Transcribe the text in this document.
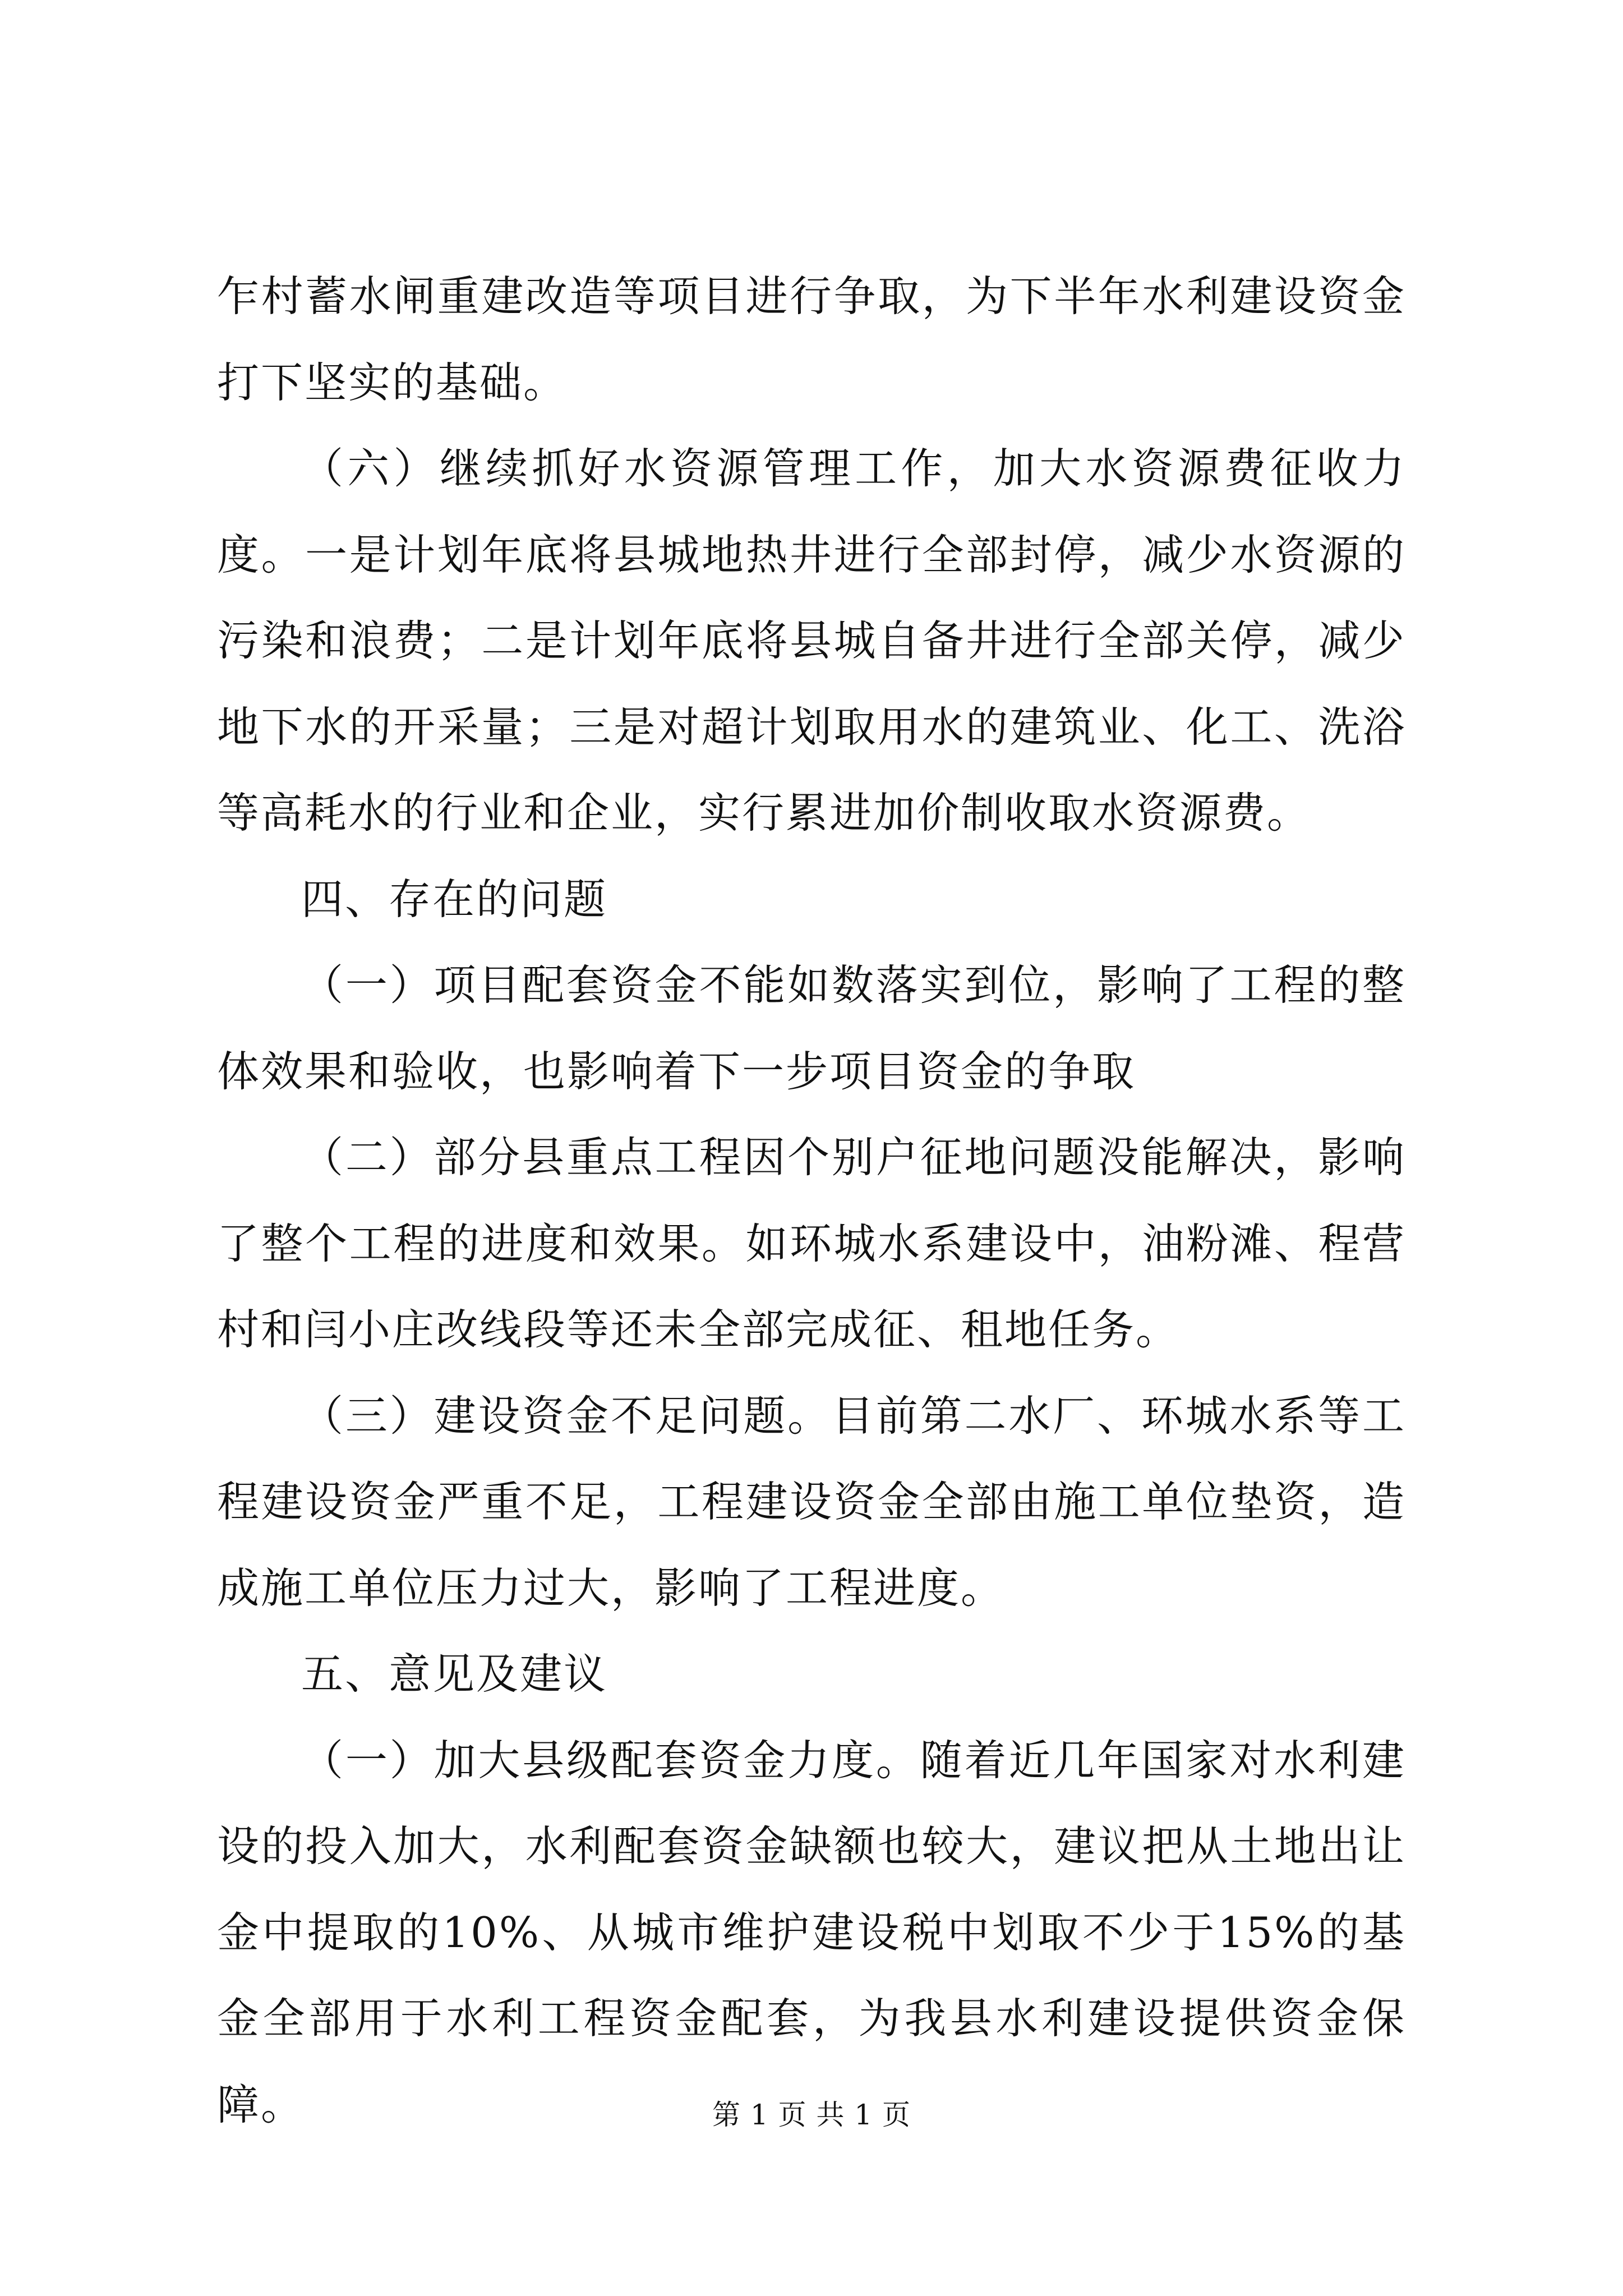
乍村蓄水闸重建改造等项目进行争取，为下半年水利建设资金打下坚实的基础。

（六）继续抓好水资源管理工作，加大水资源费征收力度。一是计划年底将县城地热井进行全部封停，减少水资源的污染和浪费；二是计划年底将县城自备井进行全部关停，减少地下水的开采量；三是对超计划取用水的建筑业、化工、洗浴等高耗水的行业和企业，实行累进加价制收取水资源费。

四、存在的问题

（一）项目配套资金不能如数落实到位，影响了工程的整体效果和验收，也影响着下一步项目资金的争取

（二）部分县重点工程因个别户征地问题没能解决，影响了整个工程的进度和效果。如环城水系建设中，油粉滩、程营村和闫小庄改线段等还未全部完成征、租地任务。

（三）建设资金不足问题。目前第二水厂、环城水系等工程建设资金严重不足，工程建设资金全部由施工单位垫资，造成施工单位压力过大，影响了工程进度。

五、意见及建议

（一）加大县级配套资金力度。随着近几年国家对水利建设的投入加大，水利配套资金缺额也较大，建议把从土地出让金中提取的10%、从城市维护建设税中划取不少于15%的基金全部用于水利工程资金配套，为我县水利建设提供资金保障。	第 1 页 共 1 页
